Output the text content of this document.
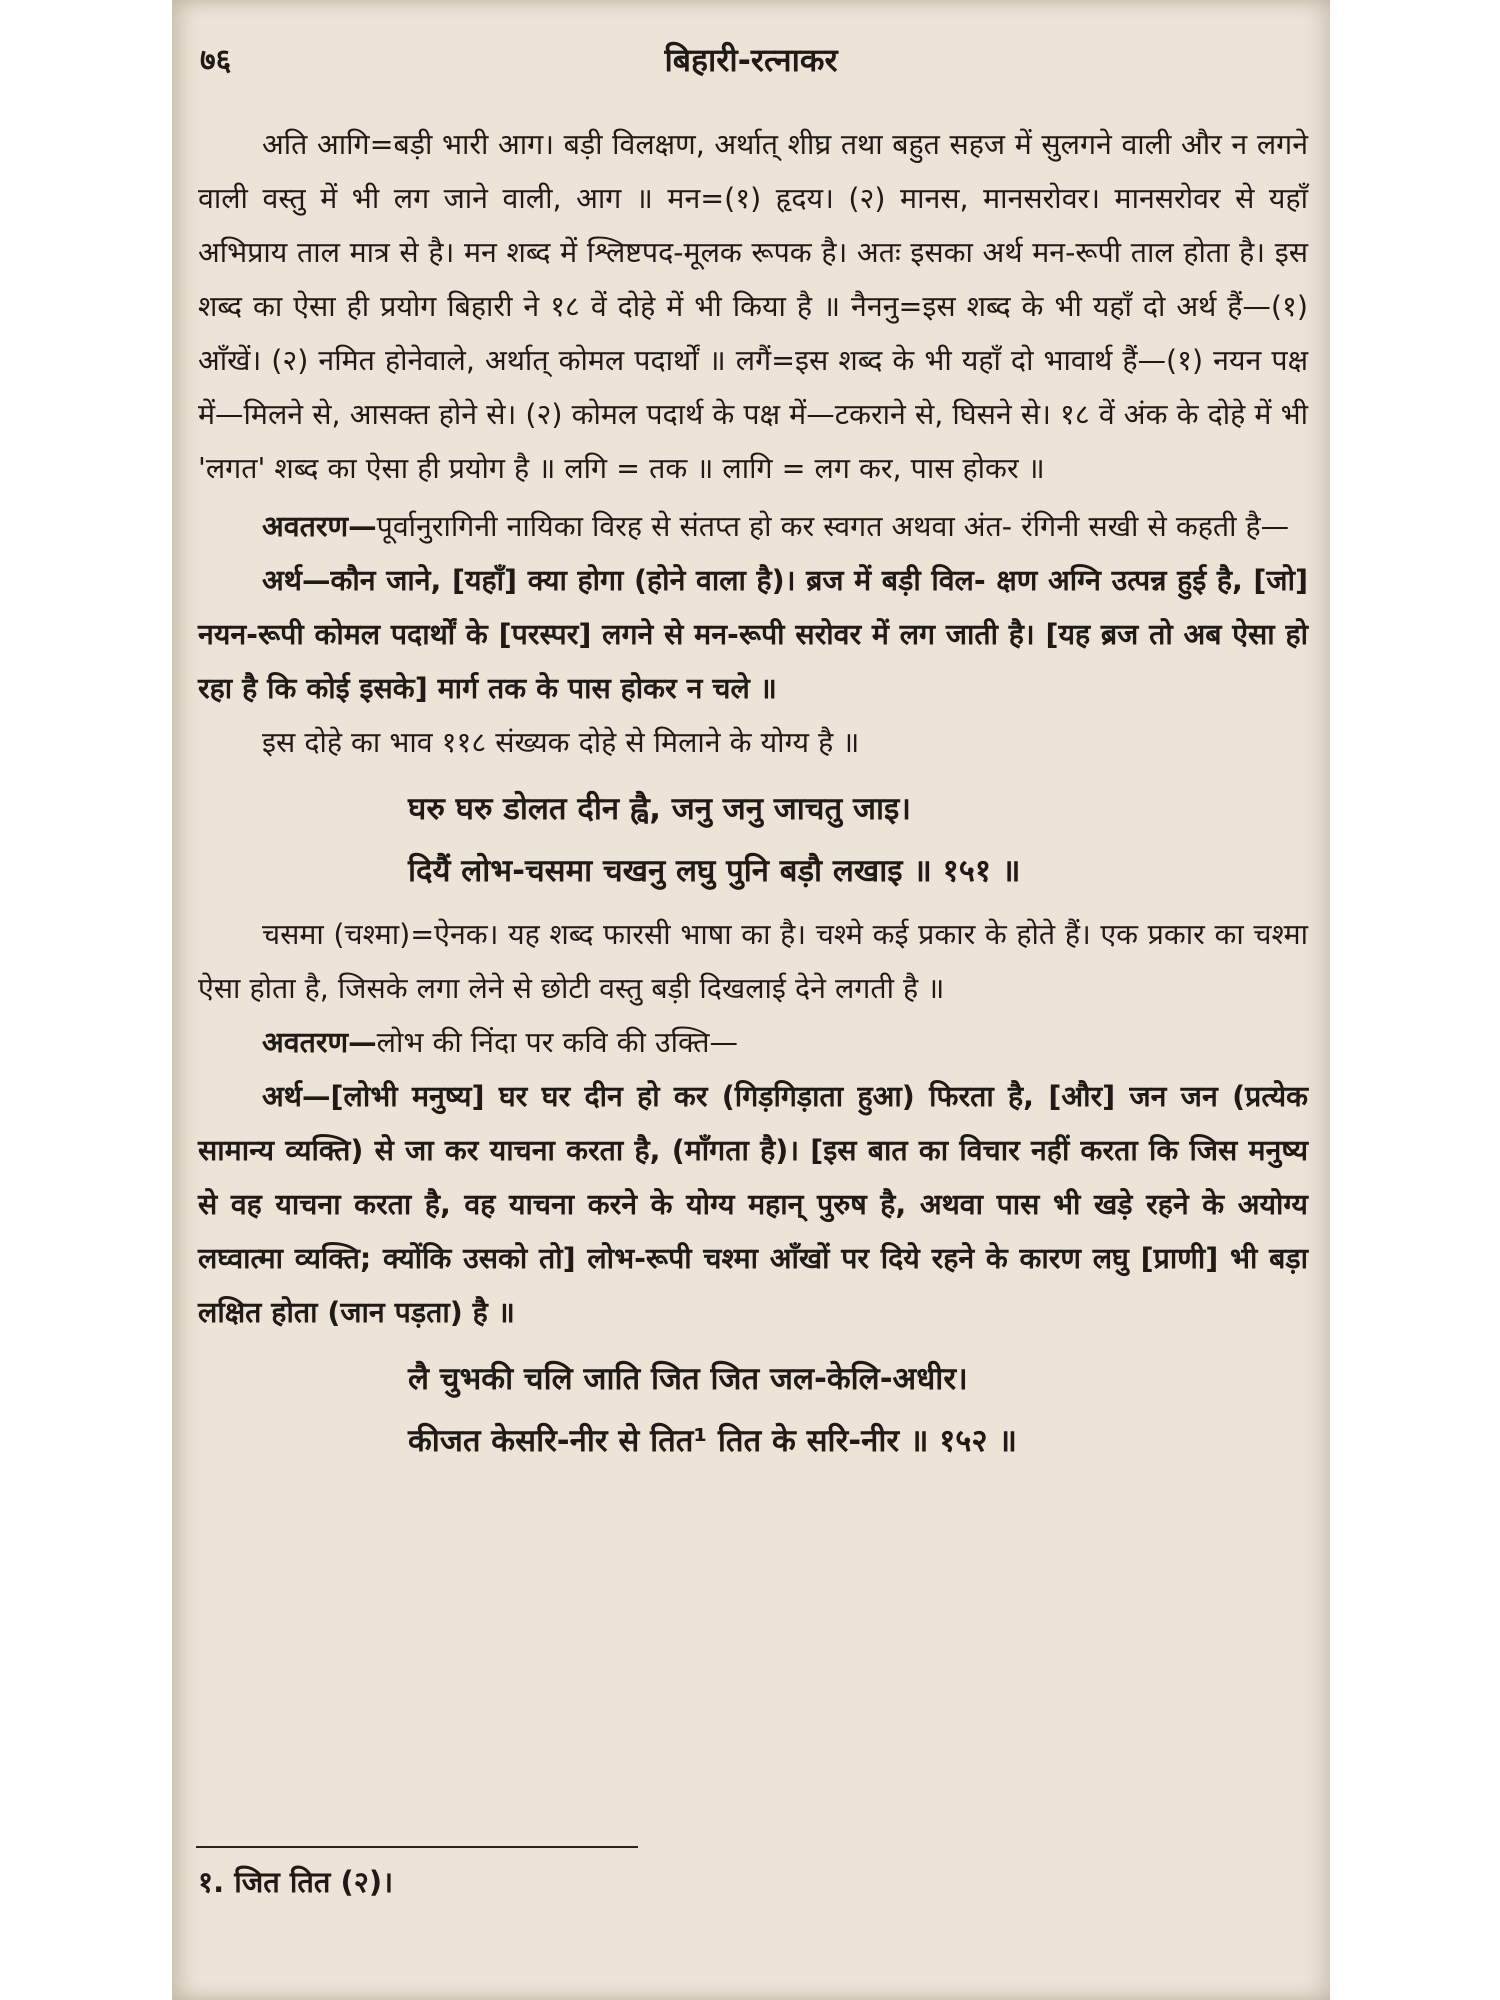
७६	बिहारी-रत्नाकर

अति आगि=बड़ी भारी आग। बड़ी विलक्षण, अर्थात् शीघ्र तथा बहुत सहज में सुलगने वाली और न लगने वाली वस्तु में भी लग जाने वाली, आग ॥ मन=(१) हृदय। (२) मानस, मानसरोवर। मानसरोवर से यहाँ अभिप्राय ताल मात्र से है। मन शब्द में श्लिष्टपद-मूलक रूपक है। अतः इसका अर्थ मन-रूपी ताल होता है। इस शब्द का ऐसा ही प्रयोग बिहारी ने १८ वें दोहे में भी किया है ॥ नैननु=इस शब्द के भी यहाँ दो अर्थ हैं—(१) आँखें। (२) नमित होनेवाले, अर्थात् कोमल पदार्थों ॥ लगैं=इस शब्द के भी यहाँ दो भावार्थ हैं—(१) नयन पक्ष में—मिलने से, आसक्त होने से। (२) कोमल पदार्थ के पक्ष में—टकराने से, घिसने से। १८ वें अंक के दोहे में भी 'लगत' शब्द का ऐसा ही प्रयोग है ॥ लगि = तक ॥ लागि = लग कर, पास होकर ॥

अवतरण—पूर्वानुरागिनी नायिका विरह से संतप्त हो कर स्वगत अथवा अंत- रंगिनी सखी से कहती है—

अर्थ—कौन जाने, [यहाँ] क्या होगा (होने वाला है)। ब्रज में बड़ी विल- क्षण अग्नि उत्पन्न हुई है, [जो] नयन-रूपी कोमल पदार्थों के [परस्पर] लगने से मन-रूपी सरोवर में लग जाती है। [यह ब्रज तो अब ऐसा हो रहा है कि कोई इसके] मार्ग तक के पास होकर न चले ॥

इस दोहे का भाव ११८ संख्यक दोहे से मिलाने के योग्य है ॥

घरु घरु डोलत दीन ह्वै, जनु जनु जाचतु जाइ।
दियैं लोभ-चसमा चखनु लघु पुनि बड़ौ लखाइ ॥ १५१ ॥

चसमा (चश्मा)=ऐनक। यह शब्द फारसी भाषा का है। चश्मे कई प्रकार के होते हैं। एक प्रकार का चश्मा ऐसा होता है, जिसके लगा लेने से छोटी वस्तु बड़ी दिखलाई देने लगती है ॥

अवतरण—लोभ की निंदा पर कवि की उक्ति—

अर्थ—[लोभी मनुष्य] घर घर दीन हो कर (गिड़गिड़ाता हुआ) फिरता है, [और] जन जन (प्रत्येक सामान्य व्यक्ति) से जा कर याचना करता है, (माँगता है)। [इस बात का विचार नहीं करता कि जिस मनुष्य से वह याचना करता है, वह याचना करने के योग्य महान् पुरुष है, अथवा पास भी खड़े रहने के अयोग्य लघ्वात्मा व्यक्ति; क्योंकि उसको तो] लोभ-रूपी चश्मा आँखों पर दिये रहने के कारण लघु [प्राणी] भी बड़ा लक्षित होता (जान पड़ता) है ॥

लै चुभकी चलि जाति जित जित जल-केलि-अधीर।
कीजत केसरि-नीर से तित¹ तित के सरि-नीर ॥ १५२ ॥
१. जित तित (२)।
